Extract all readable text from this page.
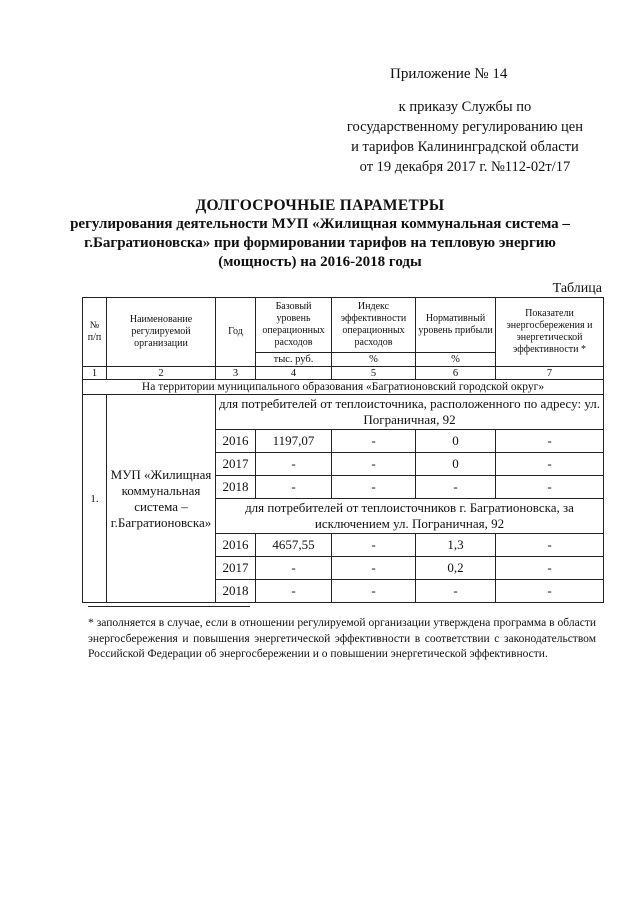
Приложение № 14
к приказу Службы по
государственному регулированию цен
и тарифов Калининградской области
от 19 декабря 2017 г. №112-02т/17
ДОЛГОСРОЧНЫЕ ПАРАМЕТРЫ
регулирования деятельности МУП «Жилищная коммунальная система –
г.Багратионовска» при формировании тарифов на тепловую энергию
(мощность) на 2016-2018 годы
Таблица
№ п/п	Наименование регулируемой организации	Год	Базовый уровень операционных расходов	Индекс эффективности операционных расходов	Нормативный уровень прибыли	Показатели энергосбережения и энергетической эффективности *
			тыс. руб.	%	%	
1	2	3	4	5	6	7
На территории муниципального образования «Багратионовский городской округ»						
1.	МУП «Жилищная коммунальная система – г.Багратионовска»	для потребителей от теплоисточника, расположенного по адресу: ул. Пограничная, 92				
		2016	1197,07	-	0	-
		2017	-	-	0	-
		2018	-	-	-	-
		для потребителей от теплоисточников г. Багратионовска, за исключением ул. Пограничная, 92				
		2016	4657,55	-	1,3	-
		2017	-	-	0,2	-
		2018	-	-	-	-
* заполняется в случае, если в отношении регулируемой организации утверждена программа в области энергосбережения и повышения энергетической эффективности в соответствии с законодательством Российской Федерации об энергосбережении и о повышении энергетической эффективности.
